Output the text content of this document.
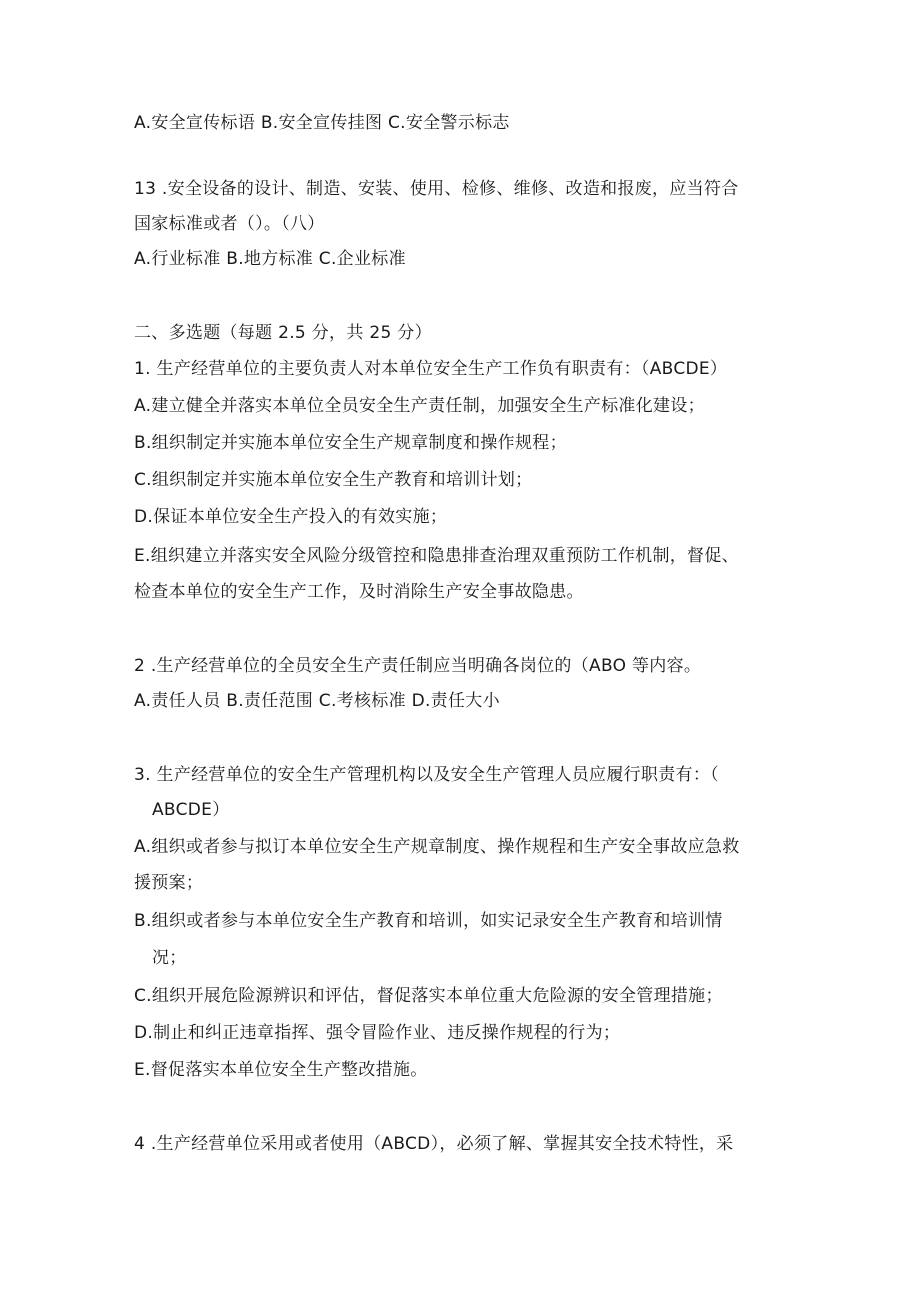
A.安全宣传标语 B.安全宣传挂图 C.安全警示标志
13 .安全设备的设计、制造、安装、使用、检修、维修、改造和报废，应当符合
国家标准或者（）。（八）
A.行业标准 B.地方标准 C.企业标准
二、多选题（每题 2.5 分，共 25 分）
1. 生产经营单位的主要负责人对本单位安全生产工作负有职责有：（ABCDE）
A.建立健全并落实本单位全员安全生产责任制，加强安全生产标准化建设；
B.组织制定并实施本单位安全生产规章制度和操作规程；
C.组织制定并实施本单位安全生产教育和培训计划；
D.保证本单位安全生产投入的有效实施；
E.组织建立并落实安全风险分级管控和隐患排查治理双重预防工作机制，督促、
检查本单位的安全生产工作，及时消除生产安全事故隐患。
2 .生产经营单位的全员安全生产责任制应当明确各岗位的（ABO 等内容。
A.责任人员 B.责任范围 C.考核标准 D.责任大小
3. 生产经营单位的安全生产管理机构以及安全生产管理人员应履行职责有：（
ABCDE）
A.组织或者参与拟订本单位安全生产规章制度、操作规程和生产安全事故应急救
援预案；
B.组织或者参与本单位安全生产教育和培训，如实记录安全生产教育和培训情
况；
C.组织开展危险源辨识和评估，督促落实本单位重大危险源的安全管理措施；
D.制止和纠正违章指挥、强令冒险作业、违反操作规程的行为；
E.督促落实本单位安全生产整改措施。
4 .生产经营单位采用或者使用（ABCD），必须了解、掌握其安全技术特性，采
